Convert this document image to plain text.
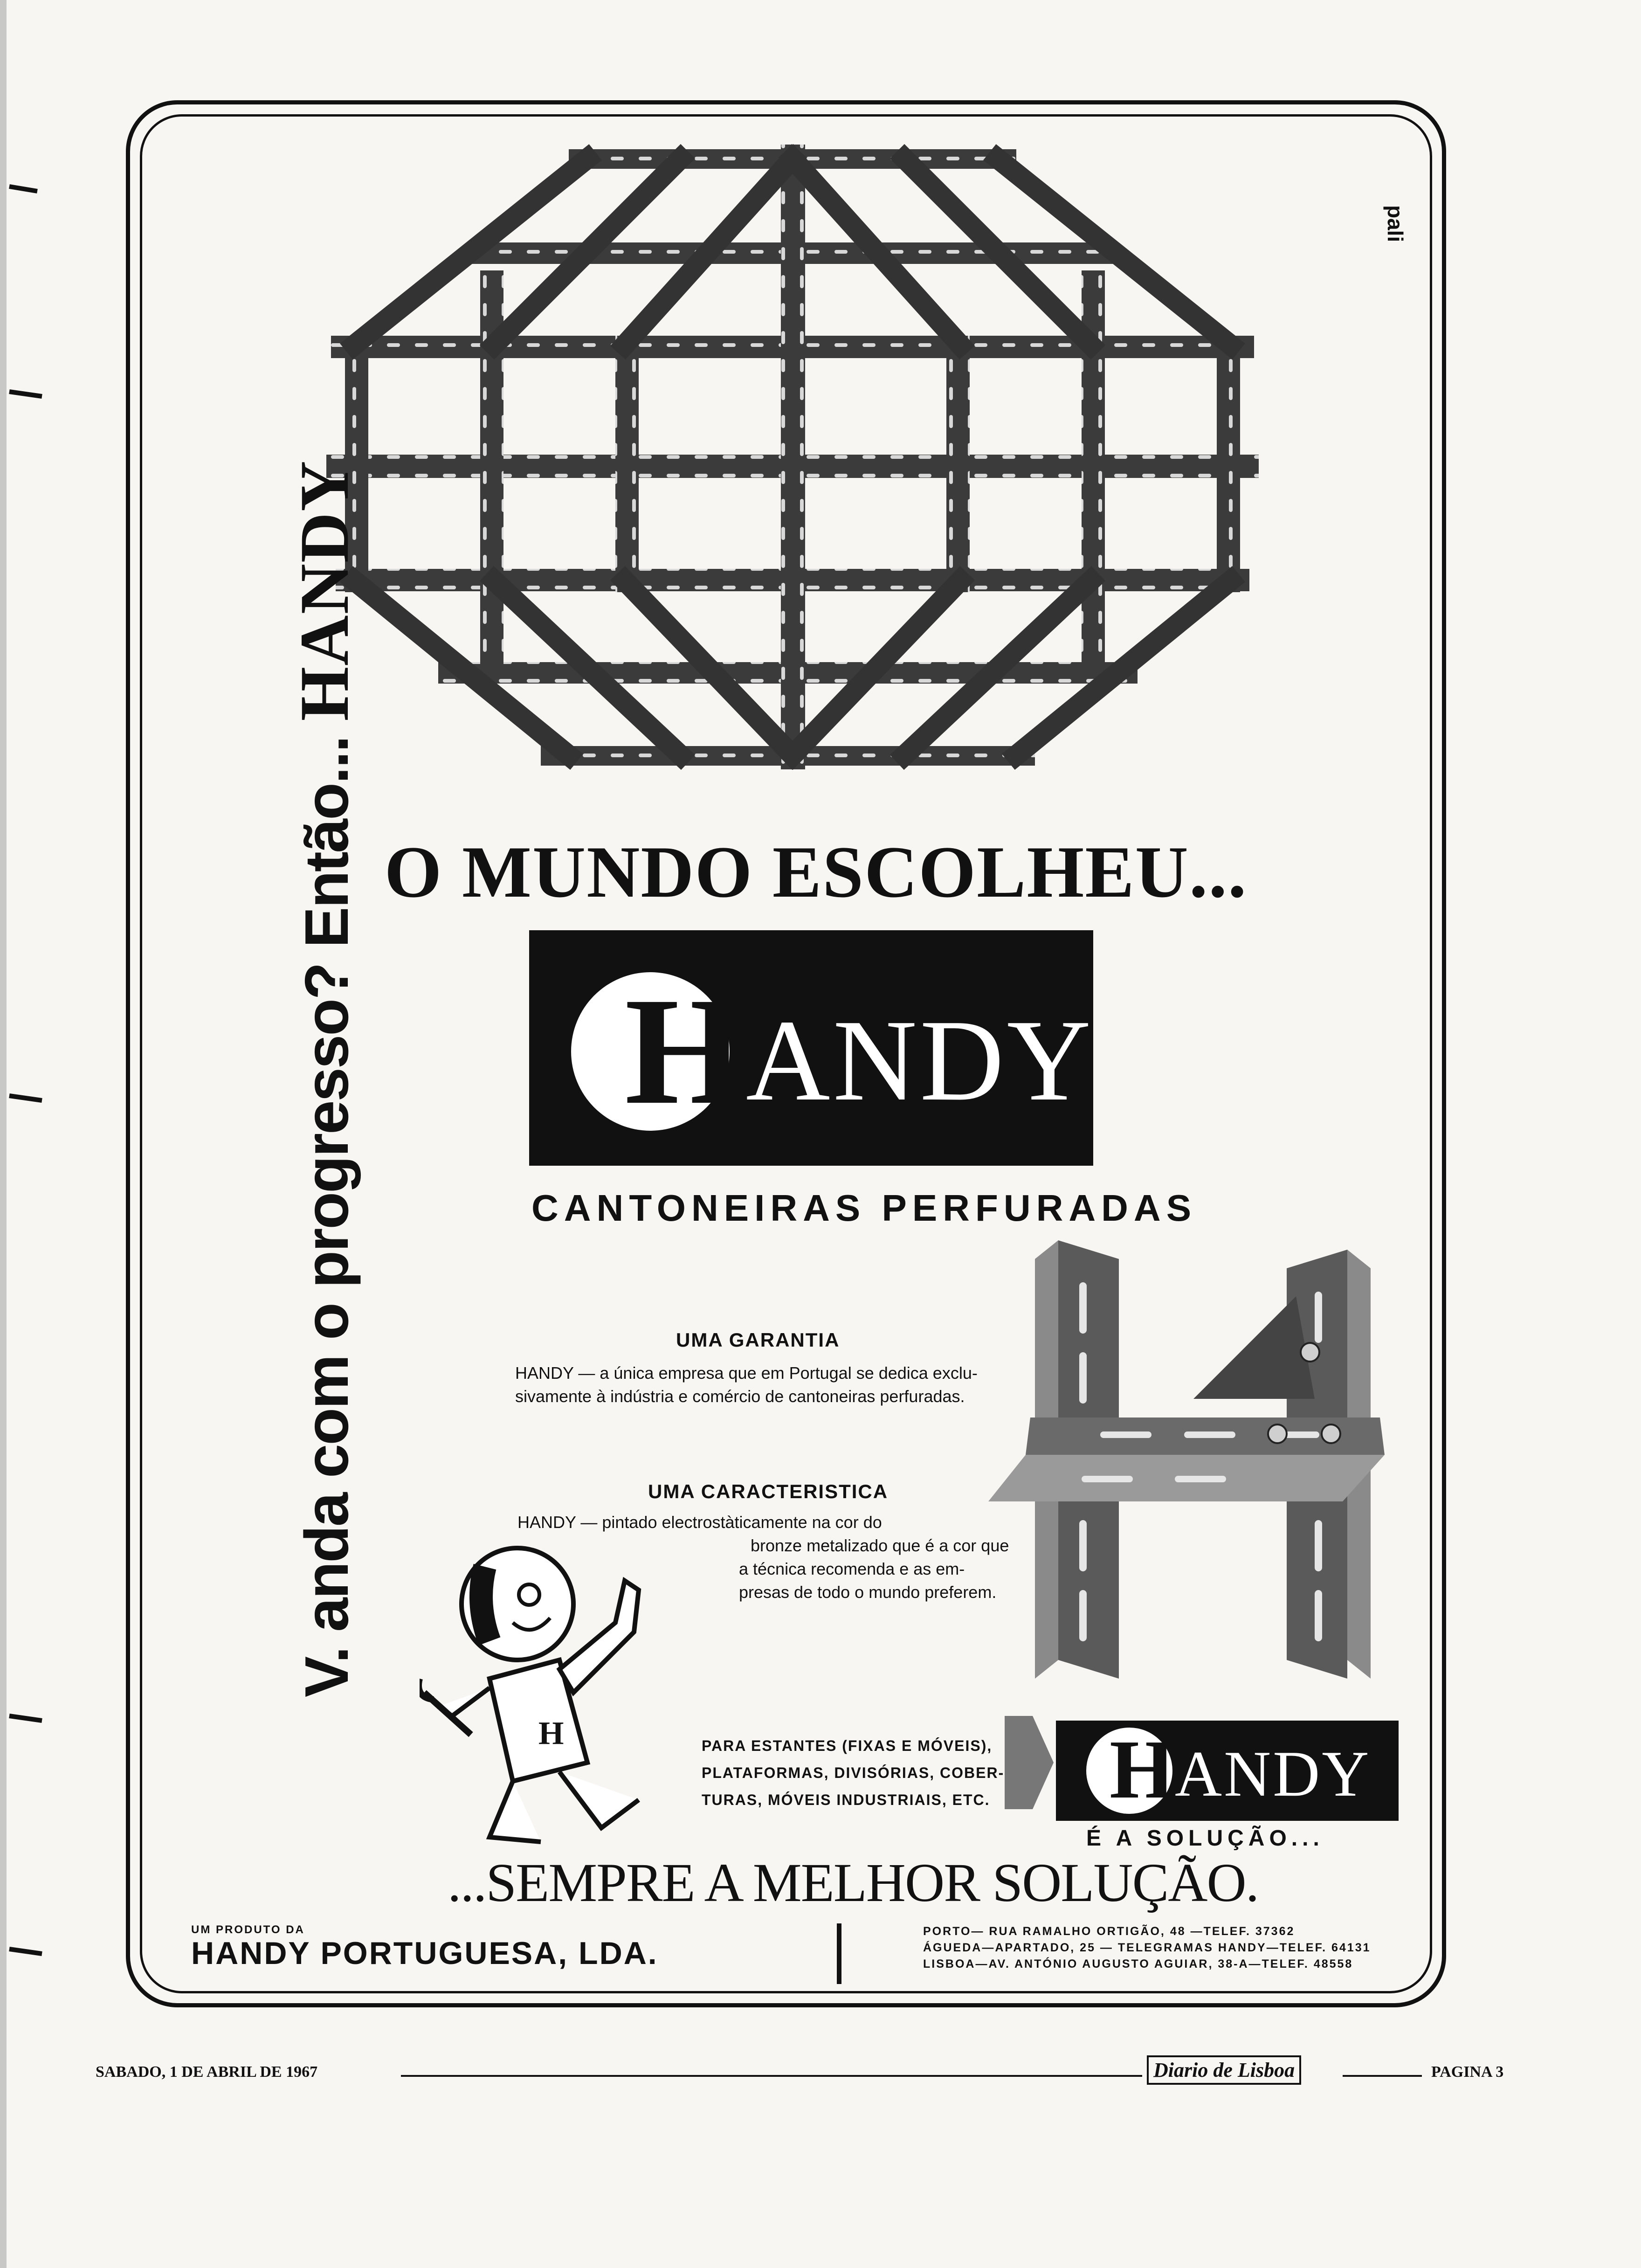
pali
V. anda com o progresso? Então... HANDY
O MUNDO ESCOLHEU...
H ANDY
CANTONEIRAS PERFURADAS
UMA GARANTIA
HANDY — a única empresa que em Portugal se dedica exclu-
sivamente à indústria e comércio de cantoneiras perfuradas.
UMA CARACTERISTICA
HANDY — pintado electrostàticamente na cor do
bronze metalizado que é a cor que
a técnica recomenda e as em-
presas de todo o mundo preferem.
H	PARA ESTANTES (FIXAS E MÓVEIS),
PLATAFORMAS, DIVISÓRIAS, COBER-
TURAS, MÓVEIS INDUSTRIAIS, ETC. H ANDY
É A SOLUÇÃO...
...SEMPRE A MELHOR SOLUÇÃO.
UM PRODUTO DA
HANDY PORTUGUESA, LDA.
PORTO— RUA RAMALHO ORTIGÃO, 48 —TELEF. 37362
ÁGUEDA—APARTADO, 25 — TELEGRAMAS HANDY—TELEF. 64131
LISBOA—AV. ANTÓNIO AUGUSTO AGUIAR, 38-A—TELEF. 48558
SABADO, 1 DE ABRIL DE 1967	Diario de Lisboa	PAGINA 3
